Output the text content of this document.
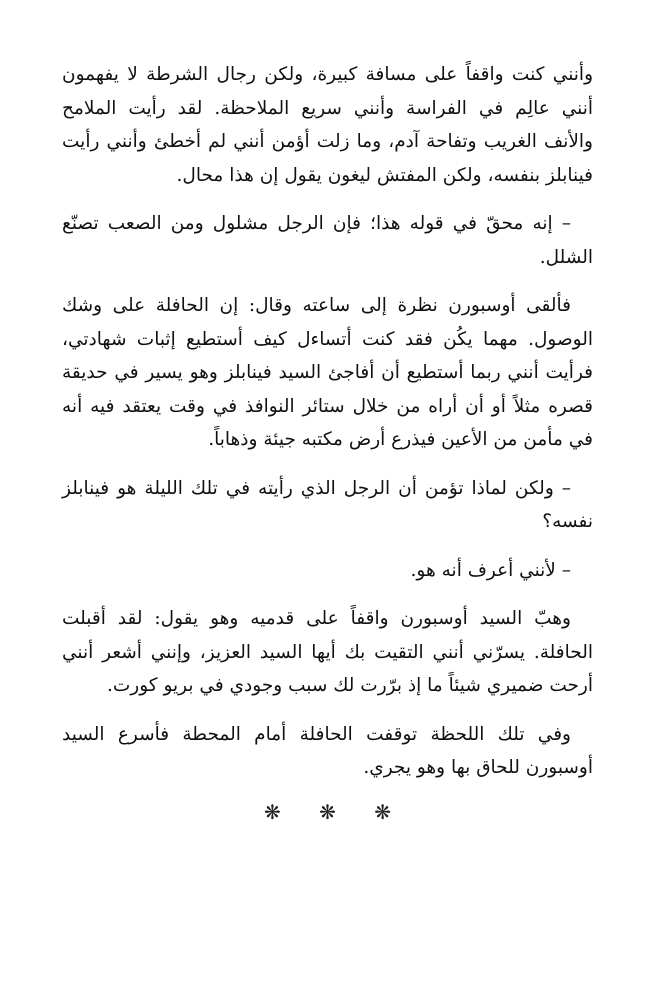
وأنني كنت واقفاً على مسافة كبيرة، ولكن رجال الشرطة لا يفهمون أنني عالِم في الفراسة وأنني سريع الملاحظة. لقد رأيت الملامح والأنف الغريب وتفاحة آدم، وما زلت أؤمن أنني لم أخطئ وأنني رأيت فينابلز بنفسه، ولكن المفتش ليغون يقول إن هذا محال.

– إنه محقّ في قوله هذا؛ فإن الرجل مشلول ومن الصعب تصنّع الشلل.

فألقى أوسبورن نظرة إلى ساعته وقال: إن الحافلة على وشك الوصول. مهما يكُن فقد كنت أتساءل كيف أستطيع إثبات شهادتي، فرأيت أنني ربما أستطيع أن أفاجئ السيد فينابلز وهو يسير في حديقة قصره مثلاً أو أن أراه من خلال ستائر النوافذ في وقت يعتقد فيه أنه في مأمن من الأعين فيذرع أرض مكتبه جيئة وذهاباً.

– ولكن لماذا تؤمن أن الرجل الذي رأيته في تلك الليلة هو فينابلز نفسه؟

– لأنني أعرف أنه هو.

وهبّ السيد أوسبورن واقفاً على قدميه وهو يقول: لقد أقبلت الحافلة. يسرّني أنني التقيت بك أيها السيد العزيز، وإنني أشعر أنني أرحت ضميري شيئاً ما إذ برّرت لك سبب وجودي في بريو كورت.

وفي تلك اللحظة توقفت الحافلة أمام المحطة فأسرع السيد أوسبورن للحاق بها وهو يجري.

❋ ❋ ❋
